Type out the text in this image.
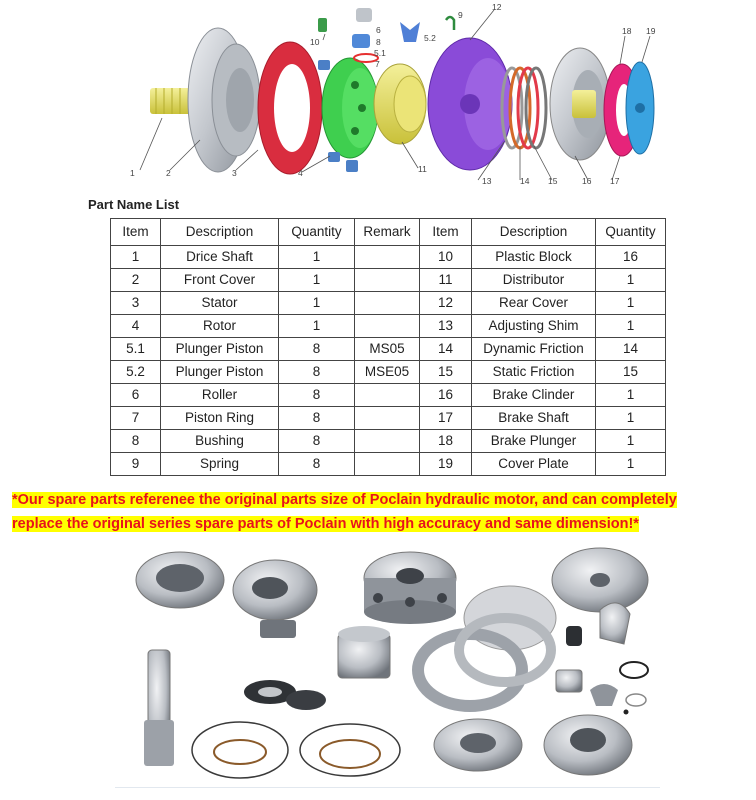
1	2	3	4
5.1
5.2
6
7
8
9
10
11
12
13	14 15	16 17
18 19
Part Name List
Item	Description	Quantity	Remark	Item	Description	Quantity
1	Drice Shaft	1		10	Plastic Block	16
2	Front Cover	1		11	Distributor	1
3	Stator	1		12	Rear Cover	1
4	Rotor	1		13	Adjusting Shim	1
5.1	Plunger Piston	8	MS05	14	Dynamic Friction	14
5.2	Plunger Piston	8	MSE05	15	Static Friction	15
6	Roller	8		16	Brake Clinder	1
7	Piston Ring	8		17	Brake Shaft	1
8	Bushing	8		18	Brake Plunger	1
9	Spring	8		19	Cover Plate	1
*Our spare parts referenee the original parts size of Poclain hydraulic motor, and can completely
replace the original series spare parts of Poclain with high accuracy and same dimension!*
